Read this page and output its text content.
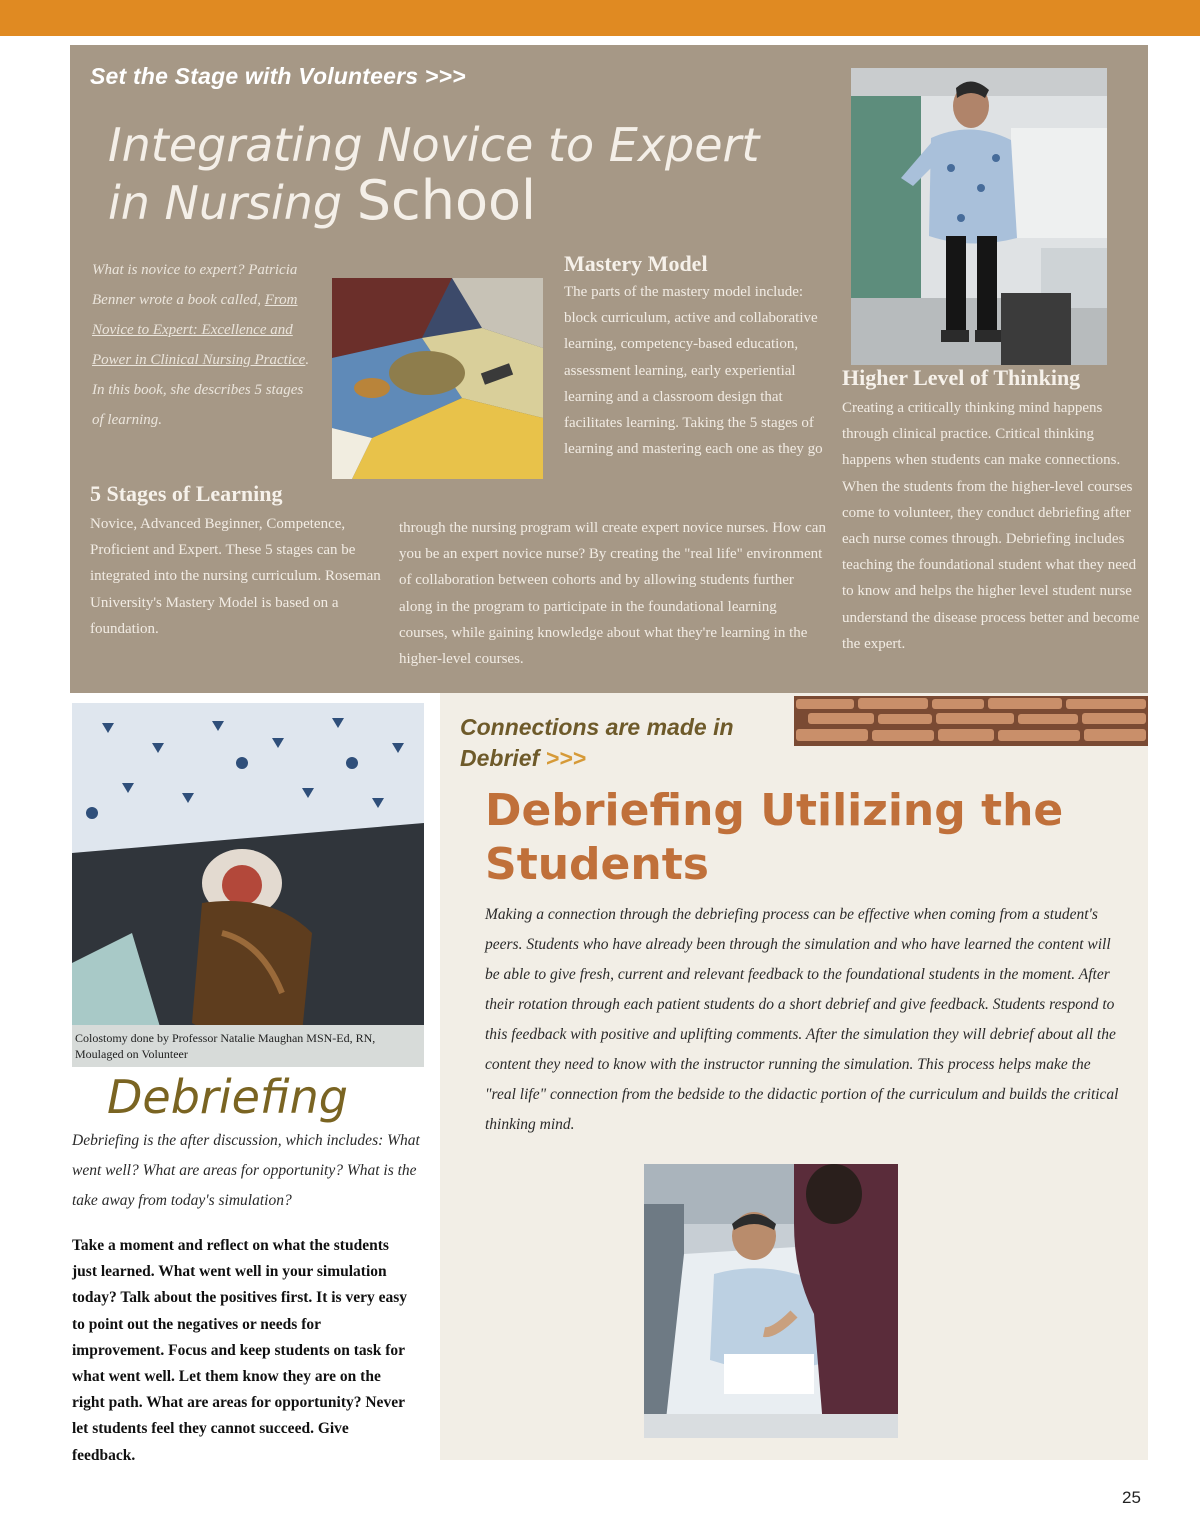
Set the Stage with Volunteers >>>
Integrating Novice to Expert
in Nursing School
What is novice to expert? Patricia Benner wrote a book called, From Novice to Expert: Excellence and Power in Clinical Nursing Practice. In this book, she describes 5 stages of learning.
5 Stages of Learning
Novice, Advanced Beginner, Competence, Proficient and Expert. These 5 stages can be integrated into the nursing curriculum. Roseman University's Mastery Model is based on a foundation.
Mastery Model
The parts of the mastery model include: block curriculum, active and collaborative learning, competency-based education, assessment learning, early experiential learning and a classroom design that facilitates learning. Taking the 5 stages of learning and mastering each one as they go
through the nursing program will create expert novice nurses. How can you be an expert novice nurse? By creating the "real life" environment of collaboration between cohorts and by allowing students further along in the program to participate in the foundational learning courses, while gaining knowledge about what they're learning in the higher-level courses.
Higher Level of Thinking
Creating a critically thinking mind happens through clinical practice. Critical thinking happens when students can make connections. When the students from the higher-level courses come to volunteer, they conduct debriefing after each nurse comes through. Debriefing includes teaching the foundational student what they need to know and helps the higher level student nurse understand the disease process better and become the expert.
Colostomy done by Professor Natalie Maughan MSN-Ed, RN, Moulaged on Volunteer
Debriefing
Debriefing is the after discussion, which includes: What went well? What are areas for opportunity? What is the take away from today's simulation?
Take a moment and reflect on what the students just learned. What went well in your simulation today? Talk about the positives first. It is very easy to point out the negatives or needs for improvement. Focus and keep students on task for what went well. Let them know they are on the right path. What are areas for opportunity? Never let students feel they cannot succeed. Give feedback.
Connections are made in
Debrief >>>
Debriefing Utilizing the Students
Making a connection through the debriefing process can be effective when coming from a student's peers. Students who have already been through the simulation and who have learned the content will be able to give fresh, current and relevant feedback to the foundational students in the moment. After their rotation through each patient students do a short debrief and give feedback. Students respond to this feedback with positive and uplifting comments. After the simulation they will debrief about all the content they need to know with the instructor running the simulation. This process helps make the "real life" connection from the bedside to the didactic portion of the curriculum and builds the critical thinking mind.
25
